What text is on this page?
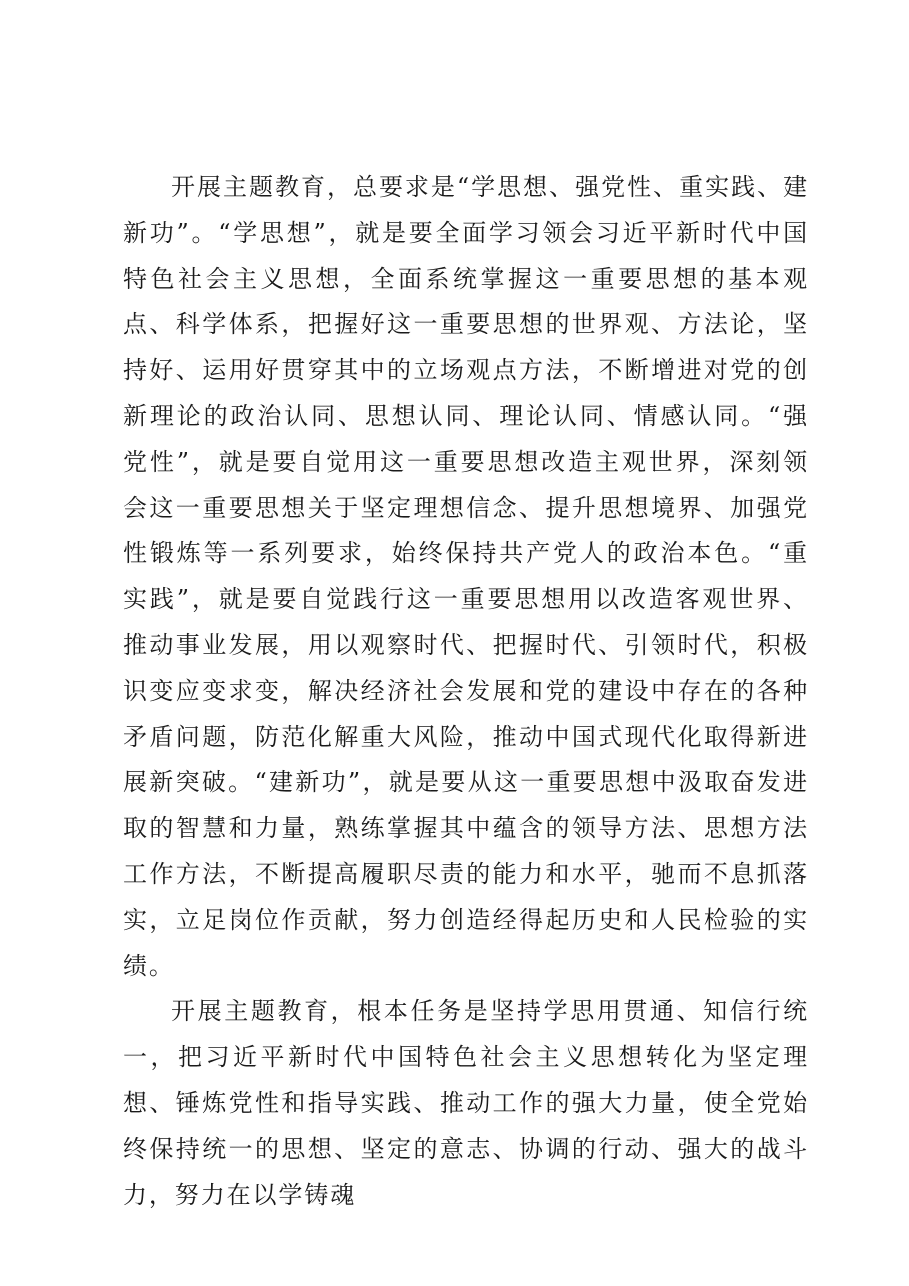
开展主题教育，总要求是“学思想、强党性、重实践、建新功”。“学思想”，就是要全面学习领会习近平新时代中国特色社会主义思想，全面系统掌握这一重要思想的基本观点、科学体系，把握好这一重要思想的世界观、方法论，坚持好、运用好贯穿其中的立场观点方法，不断增进对党的创新理论的政治认同、思想认同、理论认同、情感认同。“强党性”，就是要自觉用这一重要思想改造主观世界，深刻领会这一重要思想关于坚定理想信念、提升思想境界、加强党性锻炼等一系列要求，始终保持共产党人的政治本色。“重实践”，就是要自觉践行这一重要思想用以改造客观世界、推动事业发展，用以观察时代、把握时代、引领时代，积极识变应变求变，解决经济社会发展和党的建设中存在的各种矛盾问题，防范化解重大风险，推动中国式现代化取得新进展新突破。“建新功”，就是要从这一重要思想中汲取奋发进取的智慧和力量，熟练掌握其中蕴含的领导方法、思想方法工作方法，不断提高履职尽责的能力和水平，驰而不息抓落实，立足岗位作贡献，努力创造经得起历史和人民检验的实绩。

开展主题教育，根本任务是坚持学思用贯通、知信行统一，把习近平新时代中国特色社会主义思想转化为坚定理想、锤炼党性和指导实践、推动工作的强大力量，使全党始终保持统一的思想、坚定的意志、协调的行动、强大的战斗力，努力在以学铸魂
